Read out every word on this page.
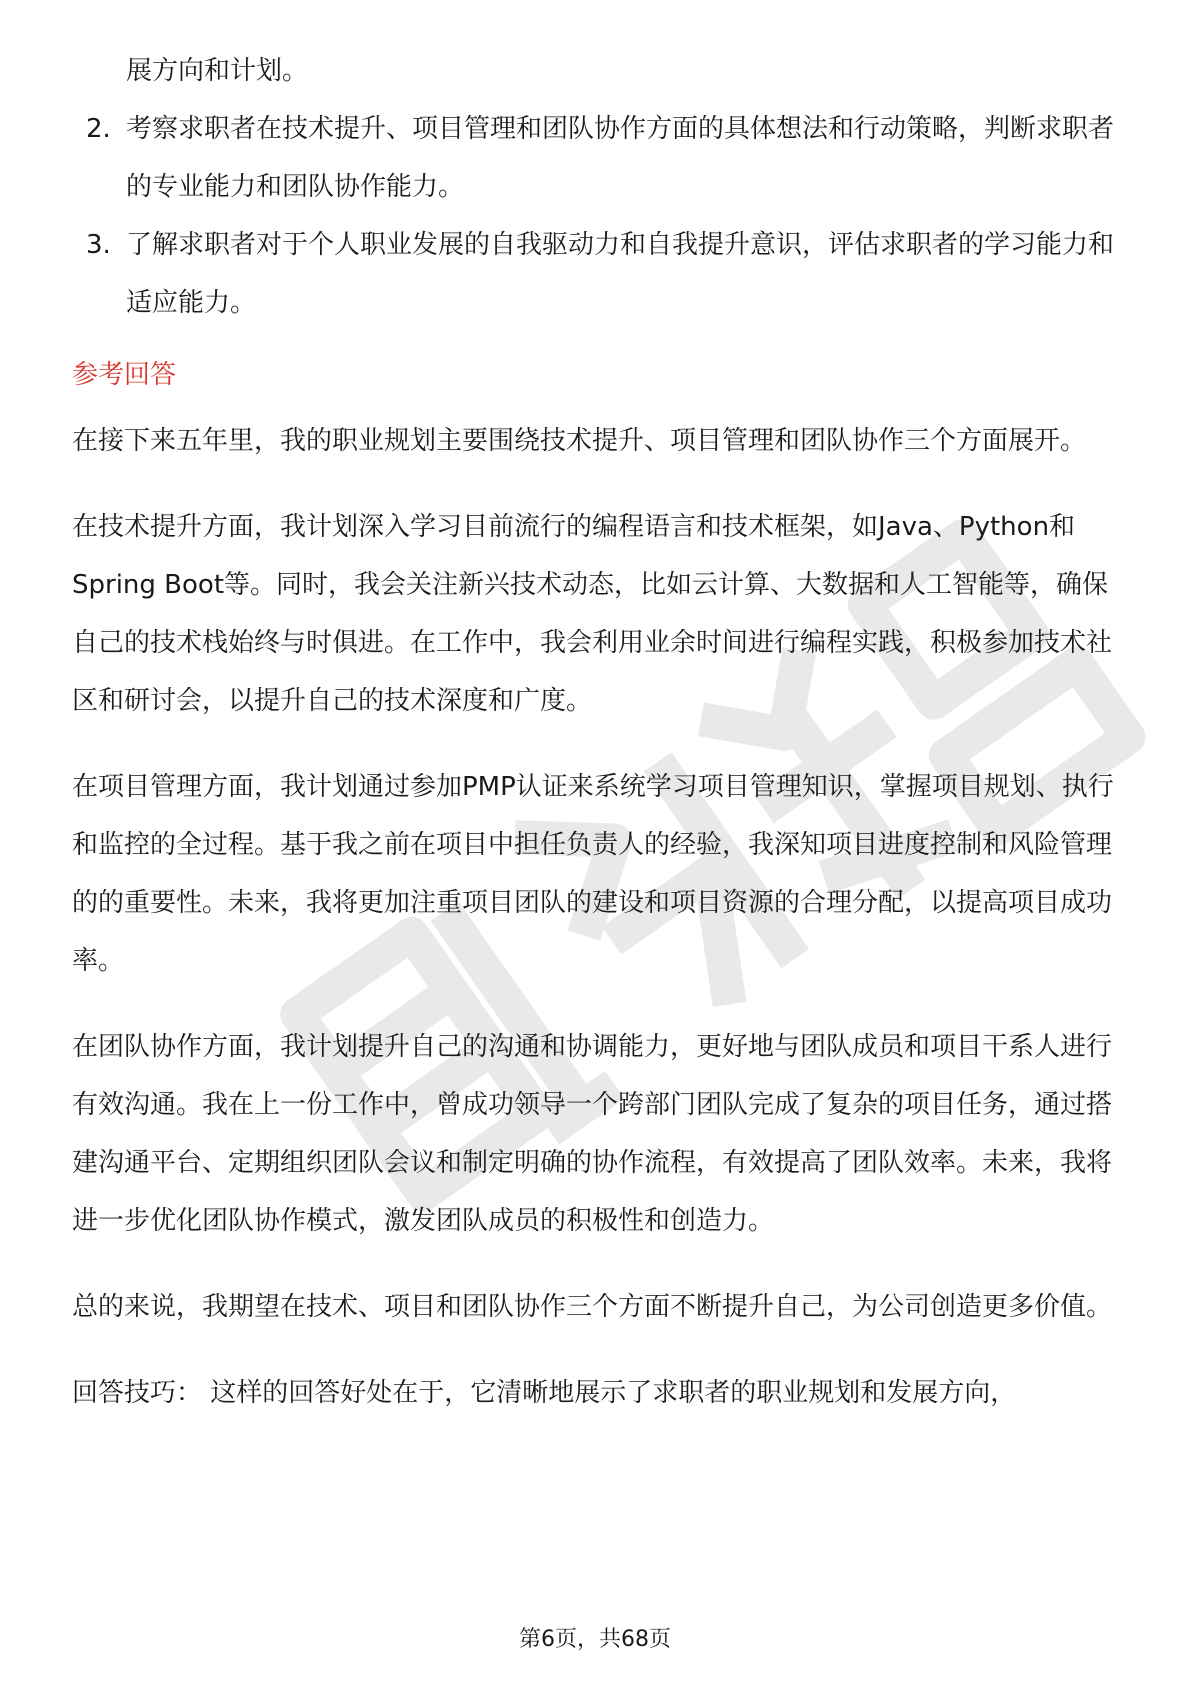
展方向和计划。

2. 考察求职者在技术提升、项目管理和团队协作方面的具体想法和行动策略，判断求职者的专业能力和团队协作能力。

3. 了解求职者对于个人职业发展的自我驱动力和自我提升意识，评估求职者的学习能力和适应能力。

参考回答

在接下来五年里，我的职业规划主要围绕技术提升、项目管理和团队协作三个方面展开。

在技术提升方面，我计划深入学习目前流行的编程语言和技术框架，如Java、Python和Spring Boot等。同时，我会关注新兴技术动态，比如云计算、大数据和人工智能等，确保自己的技术栈始终与时俱进。在工作中，我会利用业余时间进行编程实践，积极参加技术社区和研讨会，以提升自己的技术深度和广度。

在项目管理方面，我计划通过参加PMP认证来系统学习项目管理知识，掌握项目规划、执行和监控的全过程。基于我之前在项目中担任负责人的经验，我深知项目进度控制和风险管理的的重要性。未来，我将更加注重项目团队的建设和项目资源的合理分配，以提高项目成功率。

在团队协作方面，我计划提升自己的沟通和协调能力，更好地与团队成员和项目干系人进行有效沟通。我在上一份工作中，曾成功领导一个跨部门团队完成了复杂的项目任务，通过搭建沟通平台、定期组织团队会议和制定明确的协作流程，有效提高了团队效率。未来，我将进一步优化团队协作模式，激发团队成员的积极性和创造力。

总的来说，我期望在技术、项目和团队协作三个方面不断提升自己，为公司创造更多价值。

回答技巧： 这样的回答好处在于，它清晰地展示了求职者的职业规划和发展方向，

第6页，共68页
